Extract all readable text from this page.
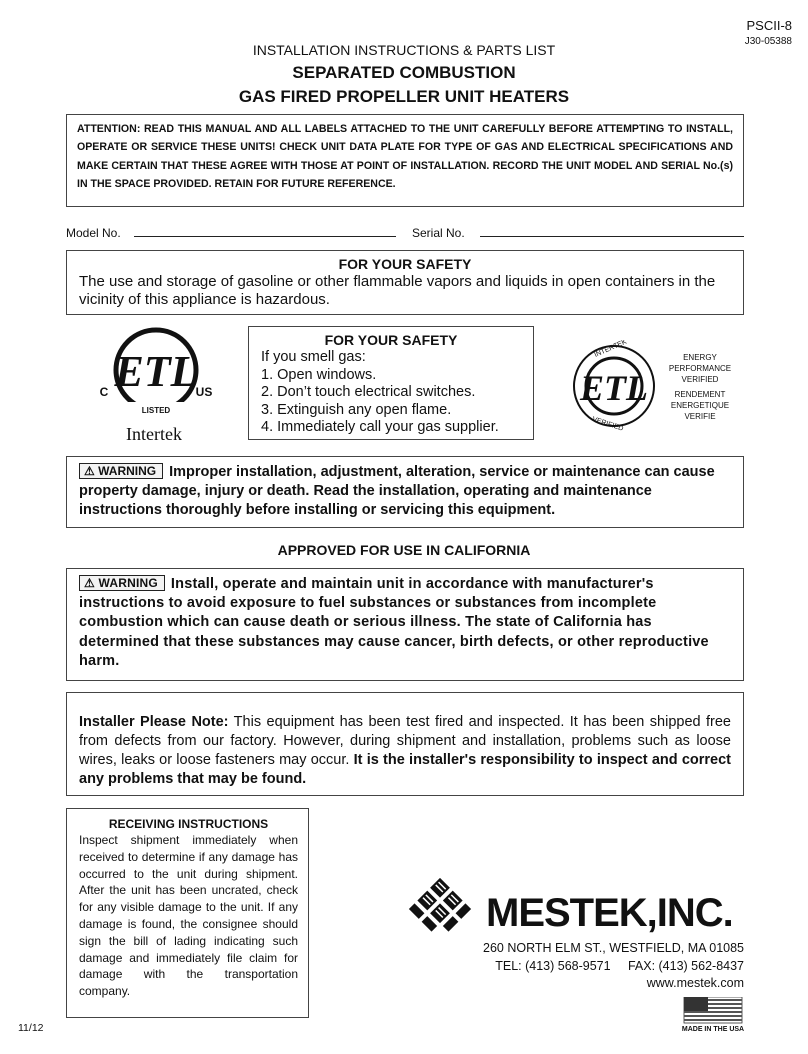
PSCII-8
J30-05388
INSTALLATION INSTRUCTIONS & PARTS LIST
SEPARATED COMBUSTION
GAS FIRED PROPELLER UNIT HEATERS
ATTENTION: READ THIS MANUAL AND ALL LABELS ATTACHED TO THE UNIT CAREFULLY BEFORE ATTEMPTING TO INSTALL, OPERATE OR SERVICE THESE UNITS! CHECK UNIT DATA PLATE FOR TYPE OF GAS AND ELECTRICAL SPECIFICATIONS AND MAKE CERTAIN THAT THESE AGREE WITH THOSE AT POINT OF INSTALLATION. RECORD THE UNIT MODEL AND SERIAL No.(s) IN THE SPACE PROVIDED. RETAIN FOR FUTURE REFERENCE.
Model No.	Serial No.
FOR YOUR SAFETY
The use and storage of gasoline or other flammable vapors and liquids in open containers in the vicinity of this appliance is hazardous.
ETL
LISTED
C	US
Intertek
FOR YOUR SAFETY
If you smell gas:
1. Open windows.
2. Don’t touch electrical switches.
3. Extinguish any open flame.
4. Immediately call your gas supplier.
ETL
INTERTEK
VERIFIED
ENERGY
PERFORMANCE
VERIFIED
RENDEMENT
ENERGETIQUE
VERIFIE
⚠ WARNING Improper installation, adjustment, alteration, service or maintenance can cause property damage, injury or death. Read the installation, operating and maintenance instructions thoroughly before installing or servicing this equipment.
APPROVED FOR USE IN CALIFORNIA
⚠ WARNING Install, operate and maintain unit in accordance with manufacturer's instructions to avoid exposure to fuel substances or substances from incomplete combustion which can cause death or serious illness. The state of California has determined that these substances may cause cancer, birth defects, or other reproductive harm.
Installer Please Note: This equipment has been test fired and inspected. It has been shipped free from defects from our factory. However, during shipment and installation, problems such as loose wires, leaks or loose fasteners may occur. It is the installer's responsibility to inspect and correct any problems that may be found.
RECEIVING INSTRUCTIONS
Inspect shipment immediately when received to determine if any damage has occurred to the unit during shipment. After the unit has been uncrated, check for any visible damage to the unit. If any damage is found, the consignee should sign the bill of lading indicating such damage and immediately file claim for damage with the transportation company.
MESTEK,INC.
260 NORTH ELM ST., WESTFIELD, MA 01085
TEL: (413) 568-9571 FAX: (413) 562-8437
www.mestek.com
MADE IN THE USA
11/12
